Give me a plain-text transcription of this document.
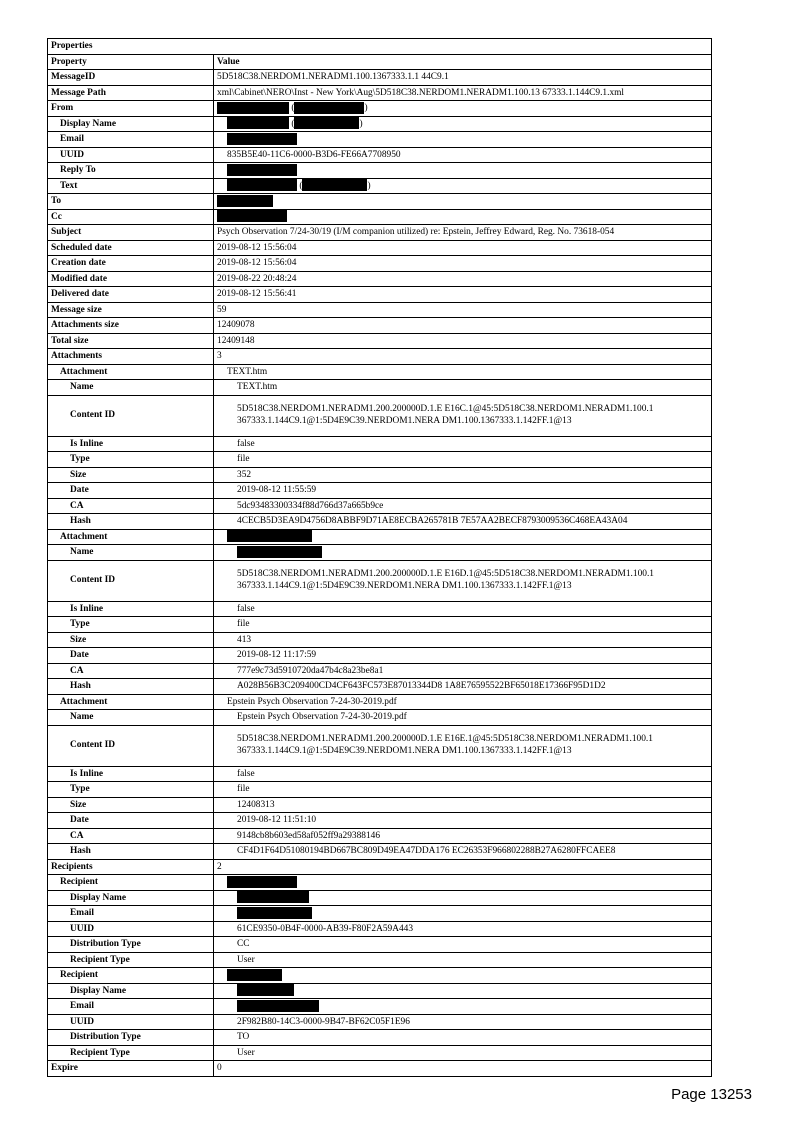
Properties	
Property	Value
MessageID	5D518C38.NERDOM1.NERADM1.100.1367333.1.1 44C9.1
Message Path	xml\Cabinet\NERO\Inst - New York\Aug\5D518C38.NERDOM1.NERADM1.100.13 67333.1.144C9.1.xml
From	( )
Display Name	( )
Email	
UUID	835B5E40-11C6-0000-B3D6-FE66A7708950
Reply To	
Text	( )
To	
Cc	
Subject	Psych Observation 7/24-30/19 (I/M companion utilized) re: Epstein, Jeffrey Edward, Reg. No. 73618-054
Scheduled date	2019-08-12 15:56:04
Creation date	2019-08-12 15:56:04
Modified date	2019-08-22 20:48:24
Delivered date	2019-08-12 15:56:41
Message size	59
Attachments size	12409078
Total size	12409148
Attachments	3
Attachment	TEXT.htm
Name	TEXT.htm
Content ID	5D518C38.NERDOM1.NERADM1.200.200000D.1.E E16C.1@45:5D518C38.NERDOM1.NERADM1.100.1 367333.1.144C9.1@1:5D4E9C39.NERDOM1.NERA DM1.100.1367333.1.142FF.1@13
Is Inline	false
Type	file
Size	352
Date	2019-08-12 11:55:59
CA	5dc93483300334f88d766d37a665b9ce
Hash	4CECB5D3EA9D4756D8ABBF9D71AE8ECBA265781B 7E57AA2BECF8793009536C468EA43A04
Attachment	
Name	
Content ID	5D518C38.NERDOM1.NERADM1.200.200000D.1.E E16D.1@45:5D518C38.NERDOM1.NERADM1.100.1 367333.1.144C9.1@1:5D4E9C39.NERDOM1.NERA DM1.100.1367333.1.142FF.1@13
Is Inline	false
Type	file
Size	413
Date	2019-08-12 11:17:59
CA	777e9c73d5910720da47b4c8a23be8a1
Hash	A028B56B3C209400CD4CF643FC573E87013344D8 1A8E76595522BF65018E17366F95D1D2
Attachment	Epstein Psych Observation 7-24-30-2019.pdf
Name	Epstein Psych Observation 7-24-30-2019.pdf
Content ID	5D518C38.NERDOM1.NERADM1.200.200000D.1.E E16E.1@45:5D518C38.NERDOM1.NERADM1.100.1 367333.1.144C9.1@1:5D4E9C39.NERDOM1.NERA DM1.100.1367333.1.142FF.1@13
Is Inline	false
Type	file
Size	12408313
Date	2019-08-12 11:51:10
CA	9148cb8b603ed58af052ff9a29388146
Hash	CF4D1F64D51080194BD667BC809D49EA47DDA176 EC26353F966802288B27A6280FFCAEE8
Recipients	2
Recipient	
Display Name	
Email	
UUID	61CE9350-0B4F-0000-AB39-F80F2A59A443
Distribution Type	CC
Recipient Type	User
Recipient	
Display Name	
Email	
UUID	2F982B80-14C3-0000-9B47-BF62C05F1E96
Distribution Type	TO
Recipient Type	User
Expire	0
Page 13253
